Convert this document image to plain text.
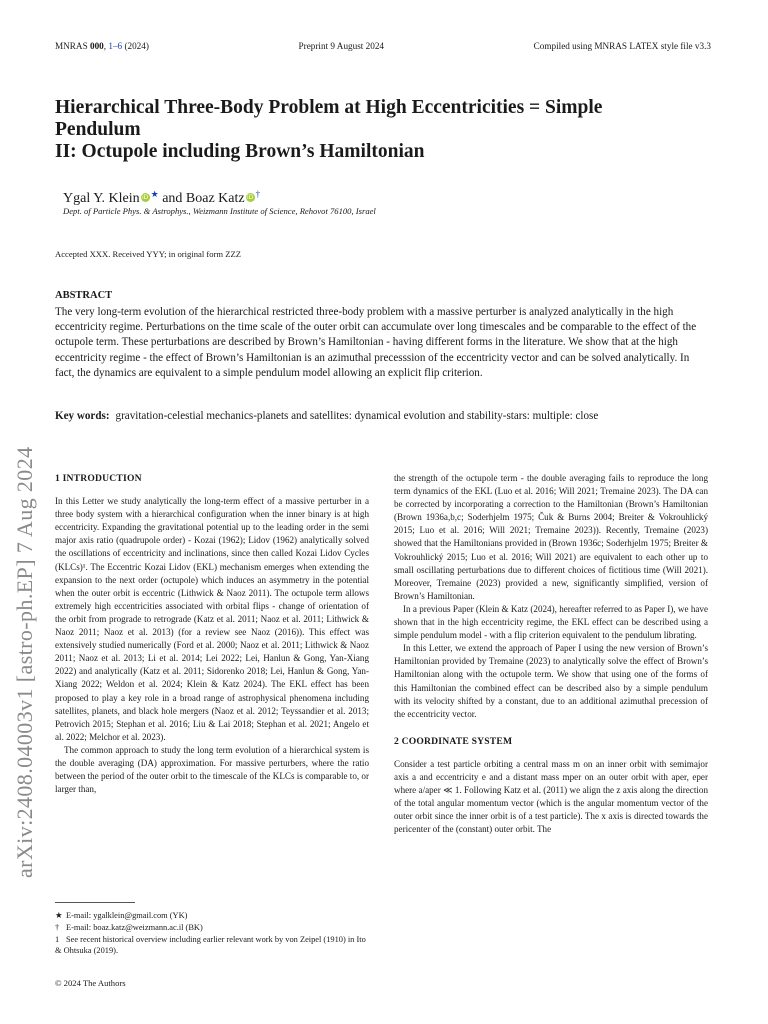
MNRAS 000, 1–6 (2024)	Preprint 9 August 2024	Compiled using MNRAS LATEX style file v3.3
arXiv:2408.04003v1 [astro-ph.EP] 7 Aug 2024
Hierarchical Three-Body Problem at High Eccentricities = Simple
Pendulum
II: Octupole including Brown’s Hamiltonian
Ygal Y. Klein iD ★ and Boaz Katz iD †
Dept. of Particle Phys. & Astrophys., Weizmann Institute of Science, Rehovot 76100, Israel
Accepted XXX. Received YYY; in original form ZZZ
ABSTRACT

The very long-term evolution of the hierarchical restricted three-body problem with a massive perturber is analyzed analytically in the high eccentricity regime. Perturbations on the time scale of the outer orbit can accumulate over long timescales and be comparable to the effect of the octupole term. These perturbations are described by Brown’s Hamiltonian - having different forms in the literature. We show that at the high eccentricity regime - the effect of Brown’s Hamiltonian is an azimuthal precesssion of the eccentricity vector and can be solved analytically. In fact, the dynamics are equivalent to a simple pendulum model allowing an explicit flip criterion.

Key words: gravitation-celestial mechanics-planets and satellites: dynamical evolution and stability-stars: multiple: close

1 INTRODUCTION

In this Letter we study analytically the long-term effect of a massive perturber in a three body system with a hierarchical configuration when the inner binary is at high eccentricity. Expanding the gravitational potential up to the leading order in the semi major axis ratio (quadrupole order) - Kozai (1962); Lidov (1962) analytically solved the oscillations of eccentricity and inclinations, since then called Kozai Lidov Cycles (KLCs)¹. The Eccentric Kozai Lidov (EKL) mechanism emerges when extending the expansion to the next order (octupole) which induces an asymmetry in the potential when the outer orbit is eccentric (Lithwick & Naoz 2011). The octupole term allows extremely high eccentricities associated with orbital flips - change of orientation of the orbit from prograde to retrograde (Katz et al. 2011; Naoz et al. 2011; Lithwick & Naoz 2011; Naoz et al. 2013) (for a review see Naoz (2016)). This effect was extensively studied numerically (Ford et al. 2000; Naoz et al. 2011; Lithwick & Naoz 2011; Naoz et al. 2013; Li et al. 2014; Lei 2022; Lei, Hanlun & Gong, Yan-Xiang 2022) and analytically (Katz et al. 2011; Sidorenko 2018; Lei, Hanlun & Gong, Yan-Xiang 2022; Weldon et al. 2024; Klein & Katz 2024). The EKL effect has been proposed to play a key role in a broad range of astrophysical phenomena including satellites, planets, and black hole mergers (Naoz et al. 2012; Teyssandier et al. 2013; Petrovich 2015; Stephan et al. 2016; Liu & Lai 2018; Stephan et al. 2021; Angelo et al. 2022; Melchor et al. 2023).

The common approach to study the long term evolution of a hierarchical system is the double averaging (DA) approximation. For massive perturbers, where the ratio between the period of the outer orbit to the timescale of the KLCs is comparable to, or larger than,

the strength of the octupole term - the double averaging fails to reproduce the long term dynamics of the EKL (Luo et al. 2016; Will 2021; Tremaine 2023). The DA can be corrected by incorporating a correction to the Hamiltonian (Brown’s Hamiltonian (Brown 1936a,b,c; Soderhjelm 1975; Čuk & Burns 2004; Breiter & Vokrouhlický 2015; Luo et al. 2016; Will 2021; Tremaine 2023)). Recently, Tremaine (2023) showed that the Hamiltonians provided in (Brown 1936c; Soderhjelm 1975; Breiter & Vokrouhlický 2015; Luo et al. 2016; Will 2021) are equivalent to each other up to small oscillating perturbations due to different choices of fictitious time (Will 2021). Moreover, Tremaine (2023) provided a new, significantly simplified, version of Brown’s Hamiltonian.

In a previous Paper (Klein & Katz (2024), hereafter referred to as Paper I), we have shown that in the high eccentricity regime, the EKL effect can be described using a simple pendulum model - with a flip criterion equivalent to the pendulum librating.

In this Letter, we extend the approach of Paper I using the new version of Brown’s Hamiltonian provided by Tremaine (2023) to analytically solve the effect of Brown’s Hamiltonian along with the octupole term. We show that using one of the forms of this Hamiltonian the combined effect can be described also by a simple pendulum with its velocity shifted by a constant, due to an additional azimuthal precession of the eccentricity vector.

2 COORDINATE SYSTEM

Consider a test particle orbiting a central mass m on an inner orbit with semimajor axis a and eccentricity e and a distant mass mper on an outer orbit with aper, eper where a/aper ≪ 1. Following Katz et al. (2011) we align the z axis along the direction of the total angular momentum vector (which is the angular momentum vector of the outer orbit since the inner orbit is of a test particle). The x axis is directed towards the pericenter of the (constant) outer orbit. The

★ E-mail: ygalklein@gmail.com (YK)

† E-mail: boaz.katz@weizmann.ac.il (BK)

1 See recent historical overview including earlier relevant work by von Zeipel (1910) in Ito & Ohtsuka (2019).

© 2024 The Authors
